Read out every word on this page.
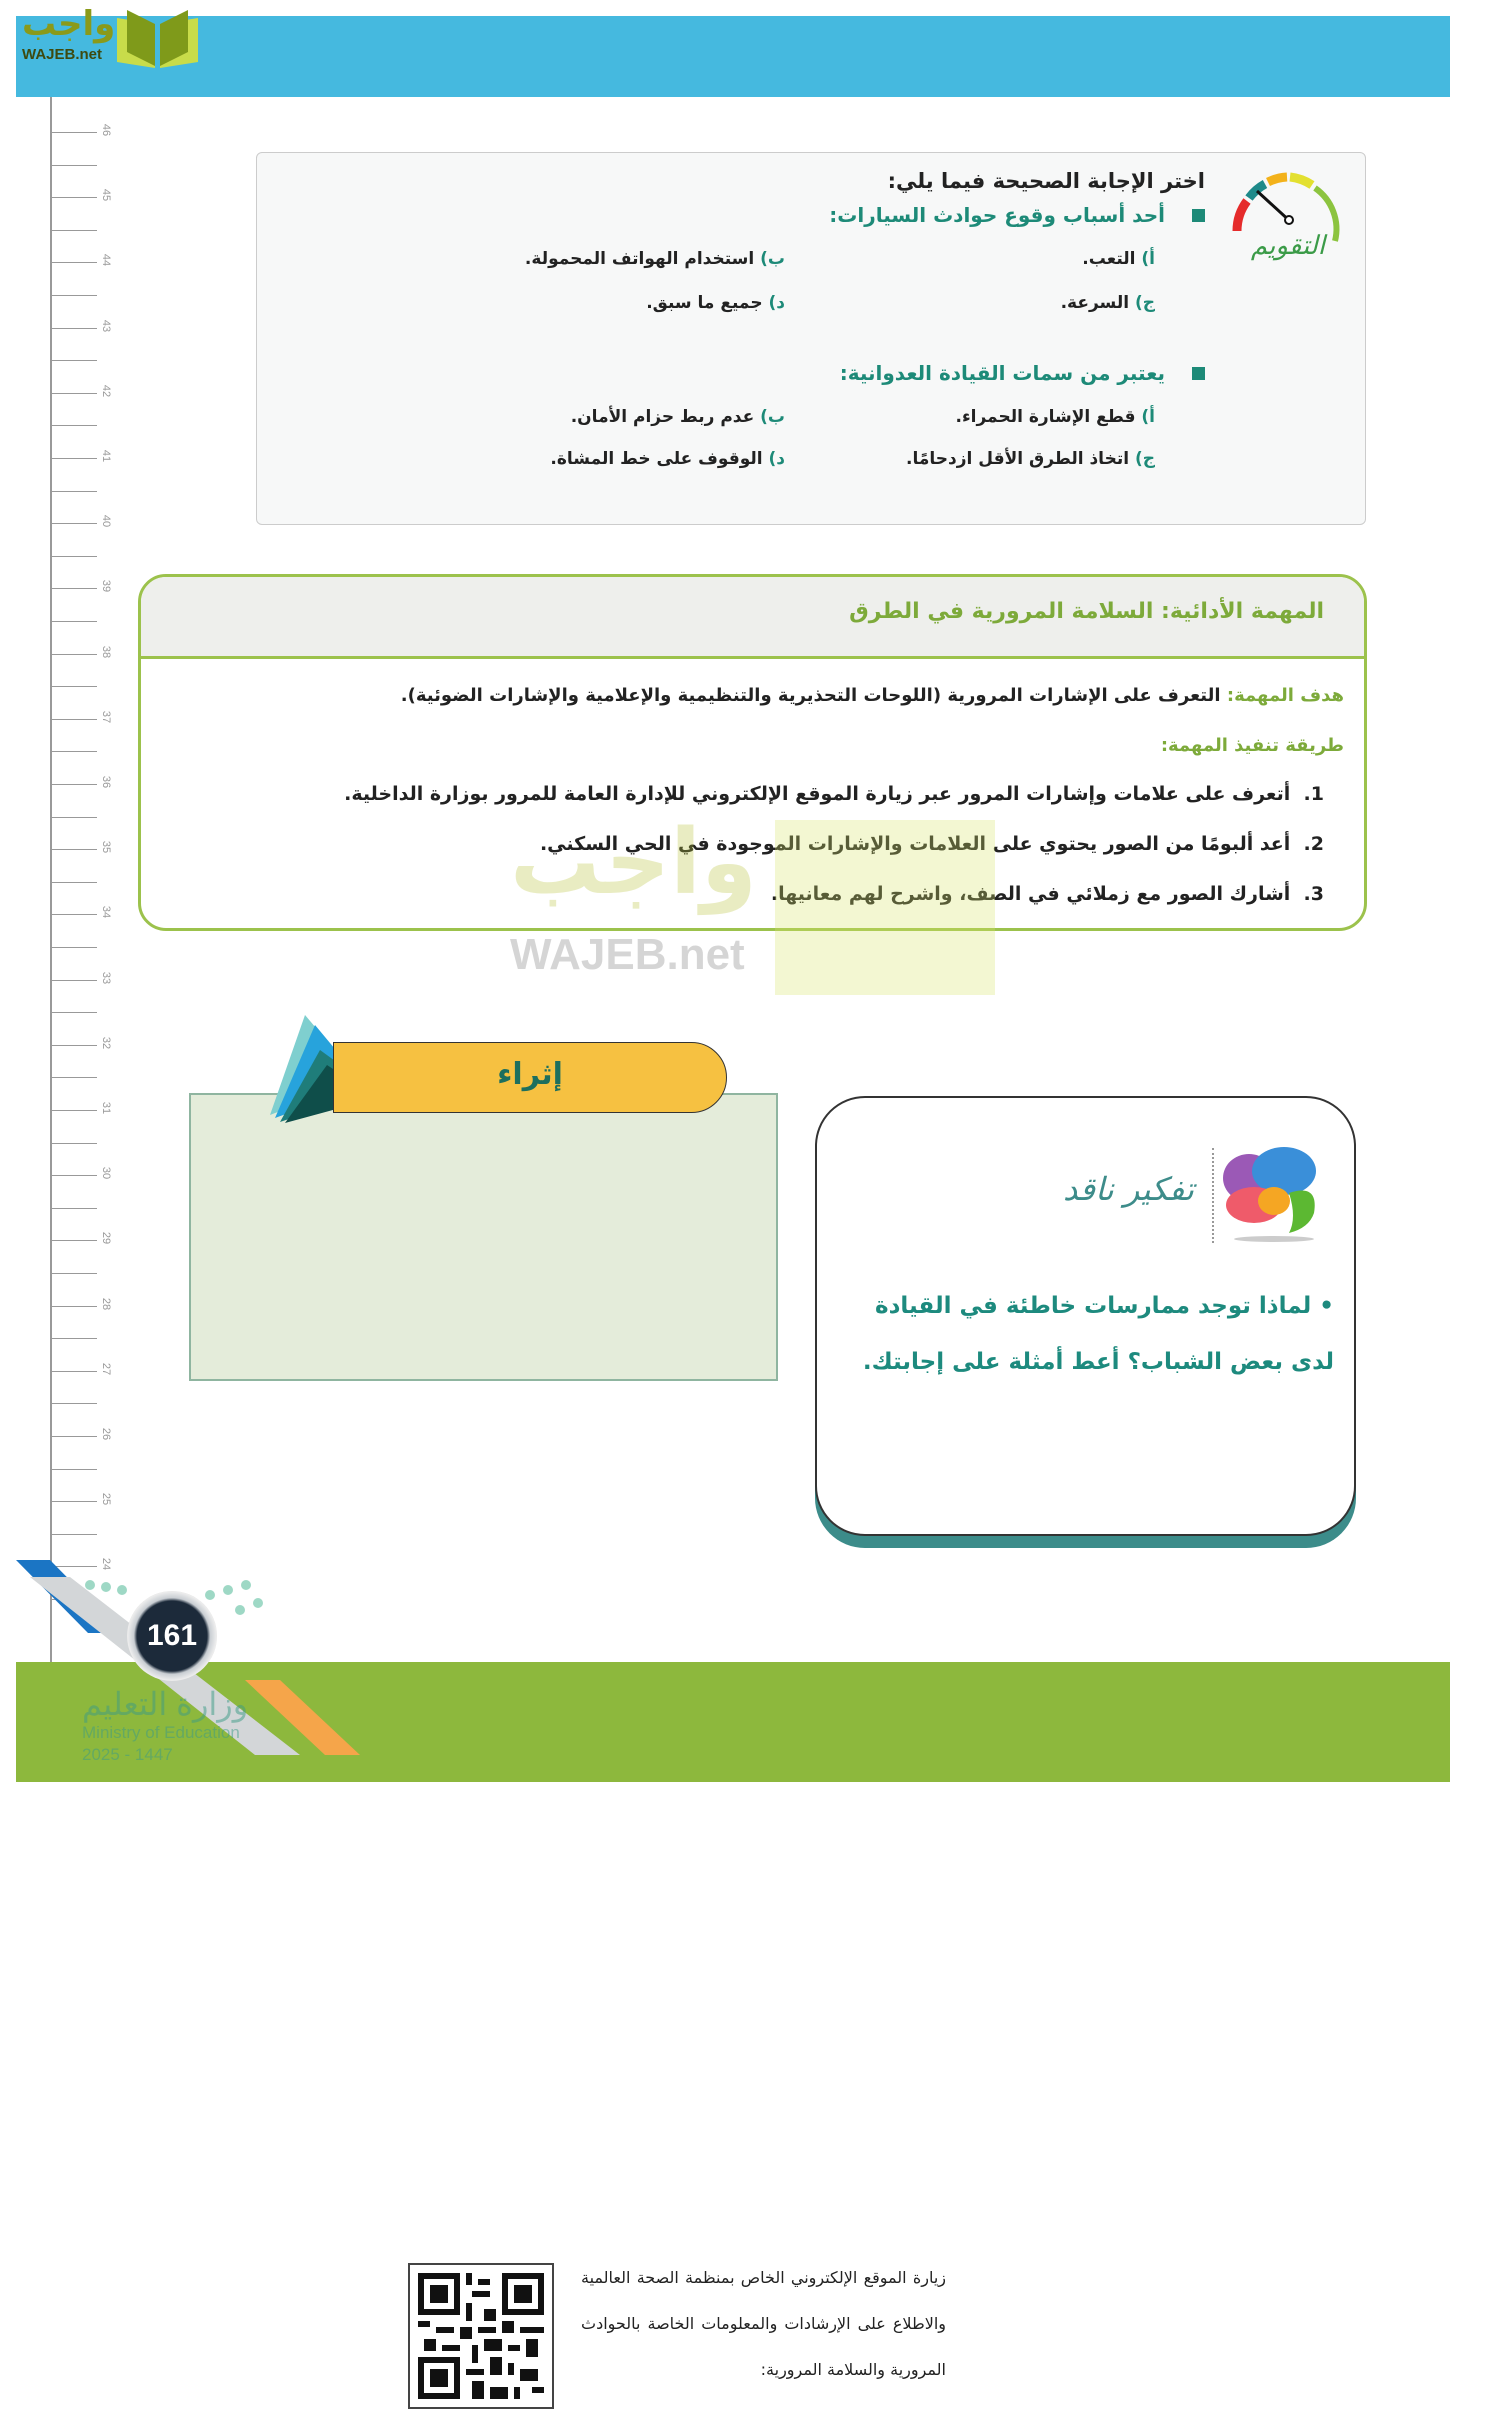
واجب
WAJEB.net
46
45
44
43
42
41
40
39
38
37
36
35
34
33
32
31
30
29
28
27
26
25
24
التقويم
اختر الإجابة الصحيحة فيما يلي:
أحد أسباب وقوع حوادث السيارات:
أ) التعب.
ب) استخدام الهواتف المحمولة.
ج) السرعة.
د) جميع ما سبق.
يعتبر من سمات القيادة العدوانية:
أ) قطع الإشارة الحمراء.
ب) عدم ربط حزام الأمان.
ج) اتخاذ الطرق الأقل ازدحامًا.
د) الوقوف على خط المشاة.
المهمة الأدائية: السلامة المرورية في الطرق
هدف المهمة: التعرف على الإشارات المرورية (اللوحات التحذيرية والتنظيمية والإعلامية والإشارات الضوئية).
طريقة تنفيذ المهمة:
1.  أتعرف على علامات وإشارات المرور عبر زيارة الموقع الإلكتروني للإدارة العامة للمرور بوزارة الداخلية.
2.  أعد ألبومًا من الصور يحتوي على العلامات والإشارات الموجودة في الحي السكني.
3.  أشارك الصور مع زملائي في الصف، واشرح لهم معانيها.
واجب
WAJEB.net
زيارة الموقع الإلكتروني الخاص بمنظمة الصحة العالمية والاطلاع على الإرشادات والمعلومات الخاصة بالحوادث المرورية والسلامة المرورية:
إثراء
تفكير ناقد
• لماذا توجد ممارسات خاطئة في القيادة لدى بعض الشباب؟ أعط أمثلة على إجابتك.
161
وزارة التعليم
Ministry of Education
2025 - 1447
